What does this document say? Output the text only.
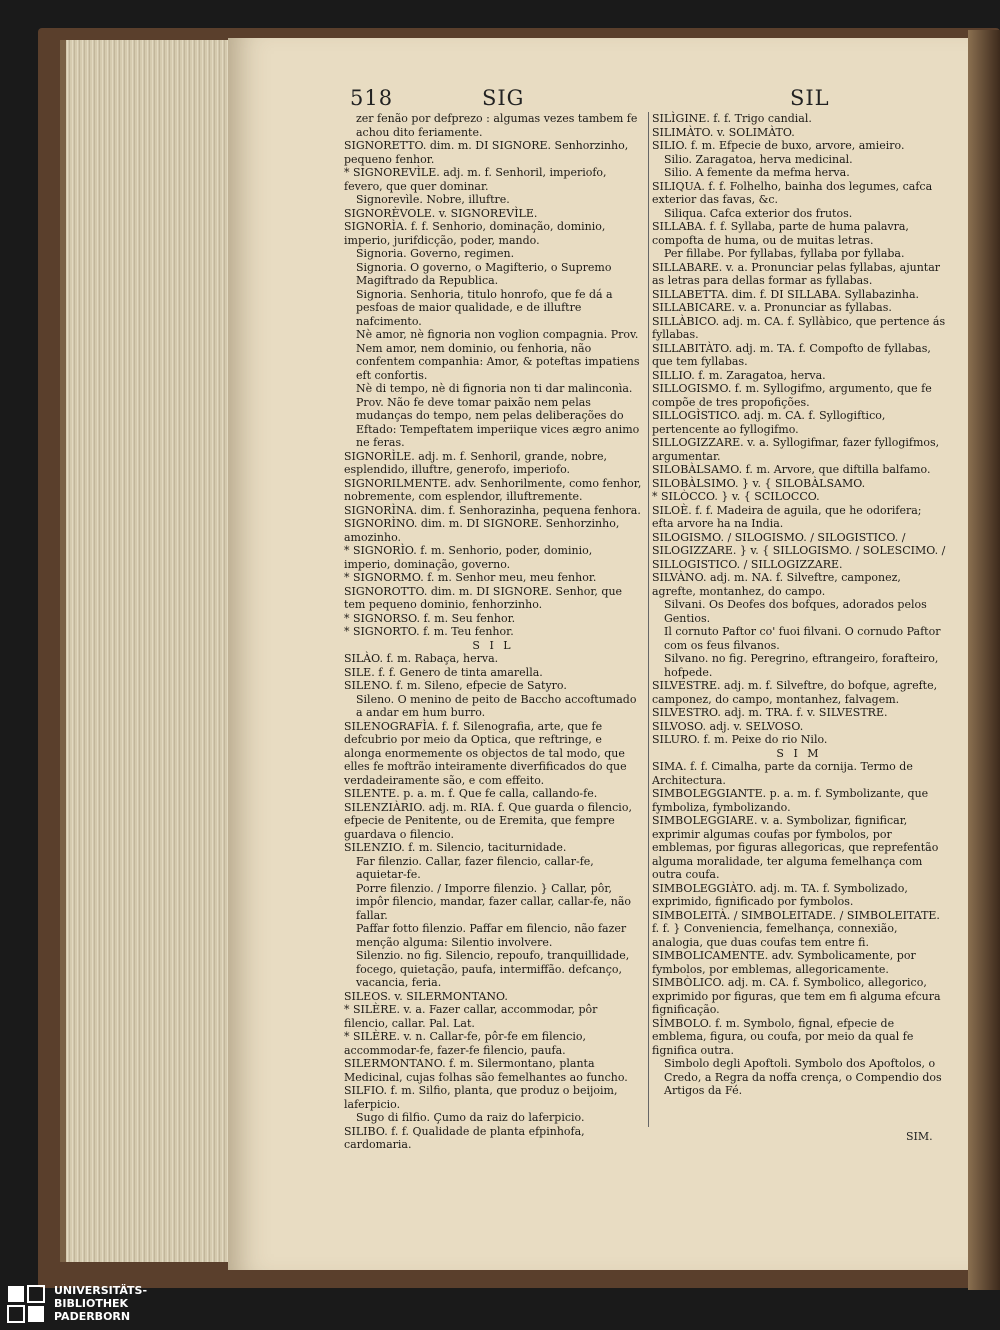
518	SIG	SIL

zer fenão por defprezo : algumas vezes tambem fe achou dito feriamente.

SIGNORETTO. dim. m. DI SIGNORE. Senhorzinho, pequeno fenhor.

* SIGNOREVÌLE. adj. m. f. Senhoril, imperiofo, fevero, que quer dominar.

Signorevìle. Nobre, illuftre.

SIGNORÈVOLE. v. SIGNOREVÌLE.

SIGNORÌA. f. f. Senhorio, dominação, dominio, imperio, jurifdicção, poder, mando.

Signoria. Governo, regimen.

Signoria. O governo, o Magifterio, o Supremo Magiftrado da Republica.

Signoria. Senhoria, titulo honrofo, que fe dá a pesfoas de maior qualidade, e de illuftre nafcimento.

Nè amor, nè fignoria non voglion compagnia. Prov. Nem amor, nem dominio, ou fenhoria, não confentem companhia: Amor, & poteftas impatiens eft confortis.

Nè di tempo, nè di fignoria non ti dar malinconìa. Prov. Não fe deve tomar paixão nem pelas mudanças do tempo, nem pelas deliberações do Eftado: Tempeftatem imperiique vices ægro animo ne feras.

SIGNORÌLE. adj. m. f. Senhoril, grande, nobre, esplendido, illuftre, generofo, imperiofo.

SIGNORILMENTE. adv. Senhorilmente, como fenhor, nobremente, com esplendor, illuftremente.

SIGNORÌNA. dim. f. Senhorazinha, pequena fenhora.

SIGNORÌNO. dim. m. DI SIGNORE. Senhorzinho, amozinho.

* SIGNORÌO. f. m. Senhorio, poder, dominio, imperio, dominação, governo.

* SIGNORMO. f. m. Senhor meu, meu fenhor.

SIGNOROTTO. dim. m. DI SIGNORE. Senhor, que tem pequeno dominio, fenhorzinho.

* SIGNORSO. f. m. Seu fenhor.

* SIGNORTO. f. m. Teu fenhor.

S I L

SILÀO. f. m. Rabaça, herva.

SILE. f. f. Genero de tinta amarella.

SILENO. f. m. Sileno, efpecie de Satyro.

Sileno. O menino de peito de Baccho accoftumado a andar em hum burro.

SILENOGRAFÌA. f. f. Silenografia, arte, que fe defcubrio por meio da Optica, que reftringe, e alonga enormemente os objectos de tal modo, que elles fe moftrão inteiramente diverfificados do que verdadeiramente são, e com effeito.

SILENTE. p. a. m. f. Que fe calla, callando-fe.

SILENZIÀRIO. adj. m. RIA. f. Que guarda o filencio, efpecie de Penitente, ou de Eremita, que fempre guardava o filencio.

SILENZIO. f. m. Silencio, taciturnidade.

Far filenzio. Callar, fazer filencio, callar-fe, aquietar-fe.

Porre filenzio. / Imporre filenzio. } Callar, pôr, impôr filencio, mandar, fazer callar, callar-fe, não fallar.

Paffar fotto filenzio. Paffar em filencio, não fazer menção alguma: Silentio involvere.

Silenzio. no fig. Silencio, repoufo, tranquillidade, focego, quietação, paufa, intermiffão. defcanço, vacancia, feria.

SILEOS. v. SILERMONTANO.

* SILÈRE. v. a. Fazer callar, accommodar, pôr filencio, callar. Pal. Lat.

* SILÈRE. v. n. Callar-fe, pôr-fe em filencio, accommodar-fe, fazer-fe filencio, paufa.

SILERMONTANO. f. m. Silermontano, planta Medicinal, cujas folhas são femelhantes ao funcho.

SILFIO. f. m. Silfio, planta, que produz o beijoim, laferpicio.

Sugo di filfio. Çumo da raiz do laferpicio.

SILIBO. f. f. Qualidade de planta efpinhofa, cardomaria.

SILÌGINE. f. f. Trigo candial.

SILIMÀTO. v. SOLIMÀTO.

SILIO. f. m. Efpecie de buxo, arvore, amieiro.

Silio. Zaragatoa, herva medicinal.

Silio. A femente da mefma herva.

SILIQUA. f. f. Folhelho, bainha dos legumes, cafca exterior das favas, &c.

Siliqua. Cafca exterior dos frutos.

SILLABA. f. f. Syllaba, parte de huma palavra, compofta de huma, ou de muitas letras.

Per fillabe. Por fyllabas, fyllaba por fyllaba.

SILLABARE. v. a. Pronunciar pelas fyllabas, ajuntar as letras para dellas formar as fyllabas.

SILLABETTA. dim. f. DI SILLABA. Syllabazinha.

SILLABICARE. v. a. Pronunciar as fyllabas.

SILLÀBICO. adj. m. CA. f. Syllàbico, que pertence ás fyllabas.

SILLABITÀTO. adj. m. TA. f. Compofto de fyllabas, que tem fyllabas.

SILLIO. f. m. Zaragatoa, herva.

SILLOGISMO. f. m. Syllogifmo, argumento, que fe compõe de tres propofições.

SILLOGÌSTICO. adj. m. CA. f. Syllogiftico, pertencente ao fyllogifmo.

SILLOGIZZARE. v. a. Syllogifmar, fazer fyllogifmos, argumentar.

SILOBÀLSAMO. f. m. Arvore, que diftilla balfamo.

SILOBÀLSIMO. } v. { SILOBÀLSAMO.

* SILÒCCO. } v. { SCILOCCO.

SILOÈ. f. f. Madeira de aguila, que he odorifera; efta arvore ha na India.

SILOGISMO. / SILOGISMO. / SILOGISTICO. / SILOGIZZARE. } v. { SILLOGISMO. / SOLESCIMO. / SILLOGISTICO. / SILLOGIZZARE.

SILVÀNO. adj. m. NA. f. Silveftre, camponez, agrefte, montanhez, do campo.

Silvani. Os Deofes dos bofques, adorados pelos Gentios.

Il cornuto Paftor co' fuoi filvani. O cornudo Paftor com os feus filvanos.

Silvano. no fig. Peregrino, eftrangeiro, forafteiro, hofpede.

SILVESTRE. adj. m. f. Silveftre, do bofque, agrefte, camponez, do campo, montanhez, falvagem.

SILVESTRO. adj. m. TRA. f. v. SILVESTRE.

SILVOSO. adj. v. SELVOSO.

SILURO. f. m. Peixe do rio Nilo.

S I M

SIMA. f. f. Cimalha, parte da cornija. Termo de Architectura.

SIMBOLEGGIANTE. p. a. m. f. Symbolizante, que fymboliza, fymbolizando.

SIMBOLEGGIARE. v. a. Symbolizar, fignificar, exprimir algumas coufas por fymbolos, por emblemas, por figuras allegoricas, que reprefentão alguma moralidade, ter alguma femelhança com outra coufa.

SIMBOLEGGIÀTO. adj. m. TA. f. Symbolizado, exprimido, fignificado por fymbolos.

SIMBOLEITÀ. / SIMBOLEITADE. / SIMBOLEITATE. f. f. } Conveniencia, femelhança, connexião, analogia, que duas coufas tem entre fi.

SIMBOLICAMENTE. adv. Symbolicamente, por fymbolos, por emblemas, allegoricamente.

SIMBÒLICO. adj. m. CA. f. Symbolico, allegorico, exprimido por figuras, que tem em fi alguma efcura fignificação.

SÌMBOLO. f. m. Symbolo, fignal, efpecie de emblema, figura, ou coufa, por meio da qual fe fignifica outra.

Simbolo degli Apoftoli. Symbolo dos Apoftolos, o Credo, a Regra da noffa crença, o Compendio dos Artigos da Fé.

SIM.
UNIVERSITÄTS-
BIBLIOTHEK
PADERBORN
